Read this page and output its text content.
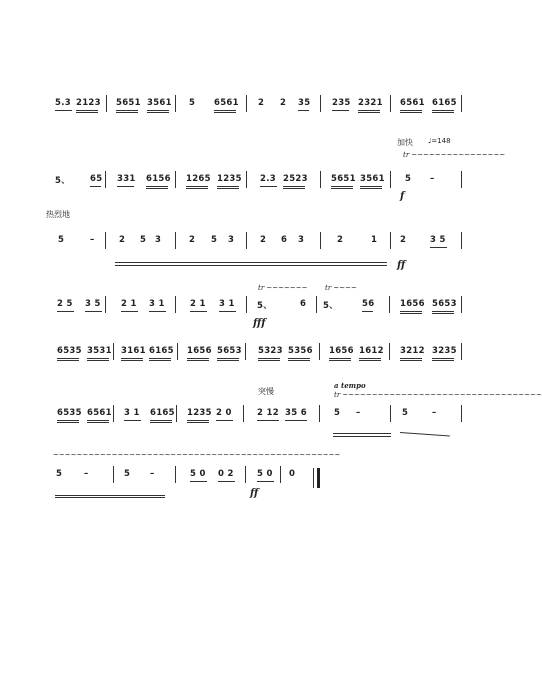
5.3 2123 5651 3561 5 6561 2 2 35	235 2321 6561 6165
5、 65 331 6156 1265 1235 2.3 2523	5651 3561 5 –
5	–	2 5 3	2 5 3	2 6 3	2	1	2	3 5
2 5 3 5 2 1 3 1	2 1 3 1	5、	6 5、	56	1656 5653
6535 3531 3161 6165 1656 5653 5323 5356 1656 1612 3212 3235
6535 6561 3 1 6165 1235 2 0	2 12 35 6	5 –	5	–
5	–	5 –	5 0 0 2	5 0 0
加快 ♩=148
tr ~~~~~~~~~~~~~~~~
f
热烈地
ff
tr ~~~~~~~	tr ~~~~
fff
突慢
a tempo
tr ~~~~~~~~~~~~~~~~~~~~~~~~~~~~~~~~~~
~~~~~~~~~~~~~~~~~~~~~~~~~~~~~~~~~~~~~~~~~~~~~~~~~
ff
